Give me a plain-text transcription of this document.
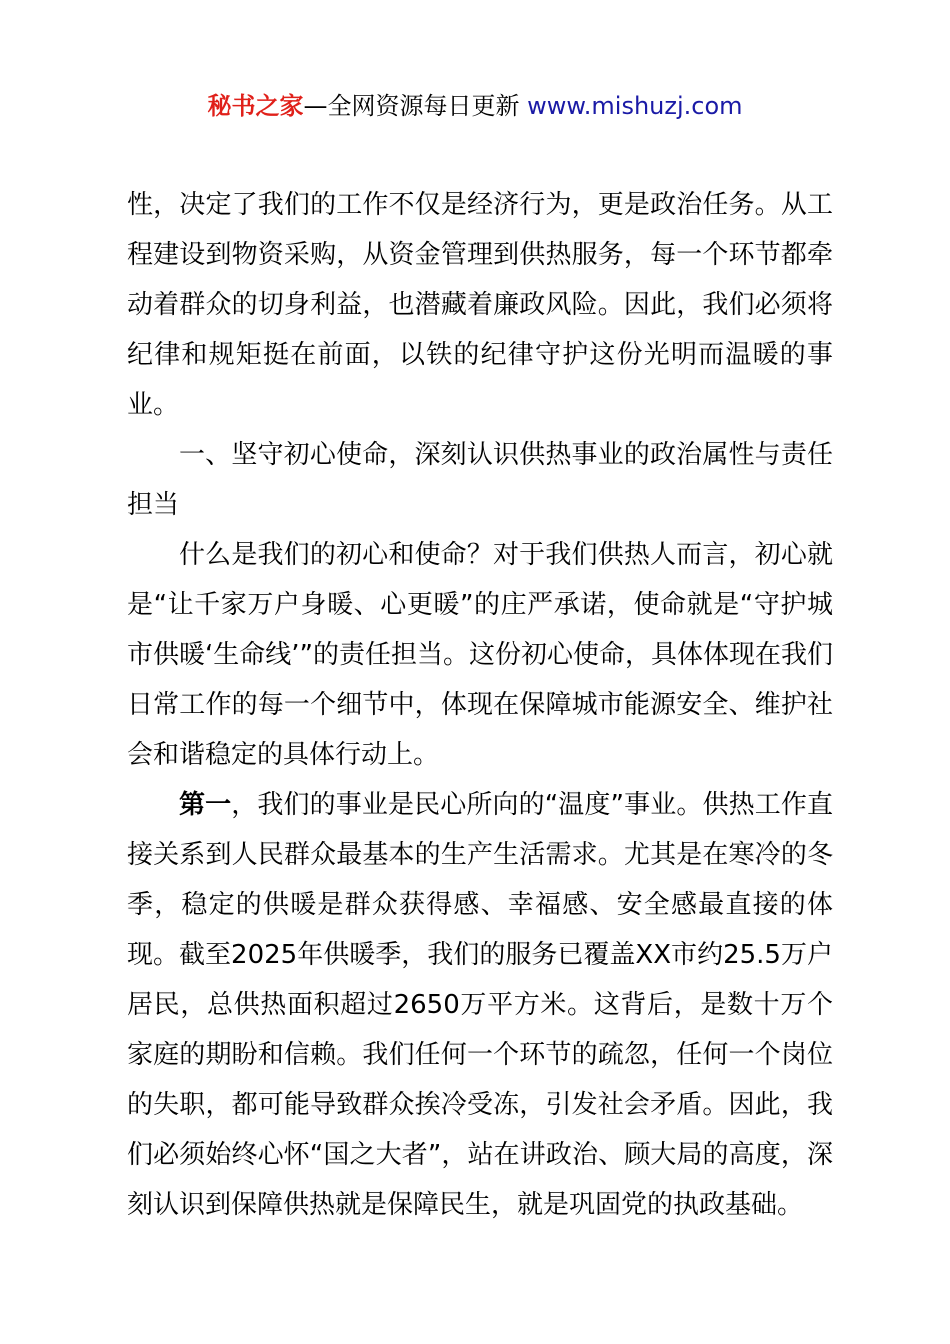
秘书之家—全网资源每日更新 www.mishuzj.com

性，决定了我们的工作不仅是经济行为，更是政治任务。从工程建设到物资采购，从资金管理到供热服务，每一个环节都牵动着群众的切身利益，也潜藏着廉政风险。因此，我们必须将纪律和规矩挺在前面，以铁的纪律守护这份光明而温暖的事业。

一、坚守初心使命，深刻认识供热事业的政治属性与责任担当

什么是我们的初心和使命？对于我们供热人而言，初心就是“让千家万户身暖、心更暖”的庄严承诺，使命就是“守护城市供暖‘生命线’”的责任担当。这份初心使命，具体体现在我们日常工作的每一个细节中，体现在保障城市能源安全、维护社会和谐稳定的具体行动上。

第一，我们的事业是民心所向的“温度”事业。供热工作直接关系到人民群众最基本的生产生活需求。尤其是在寒冷的冬季，稳定的供暖是群众获得感、幸福感、安全感最直接的体现。截至2025年供暖季，我们的服务已覆盖XX市约25.5万户居民，总供热面积超过2650万平方米。这背后，是数十万个家庭的期盼和信赖。我们任何一个环节的疏忽，任何一个岗位的失职，都可能导致群众挨冷受冻，引发社会矛盾。因此，我们必须始终心怀“国之大者”，站在讲政治、顾大局的高度，深刻认识到保障供热就是保障民生，就是巩固党的执政基础。
